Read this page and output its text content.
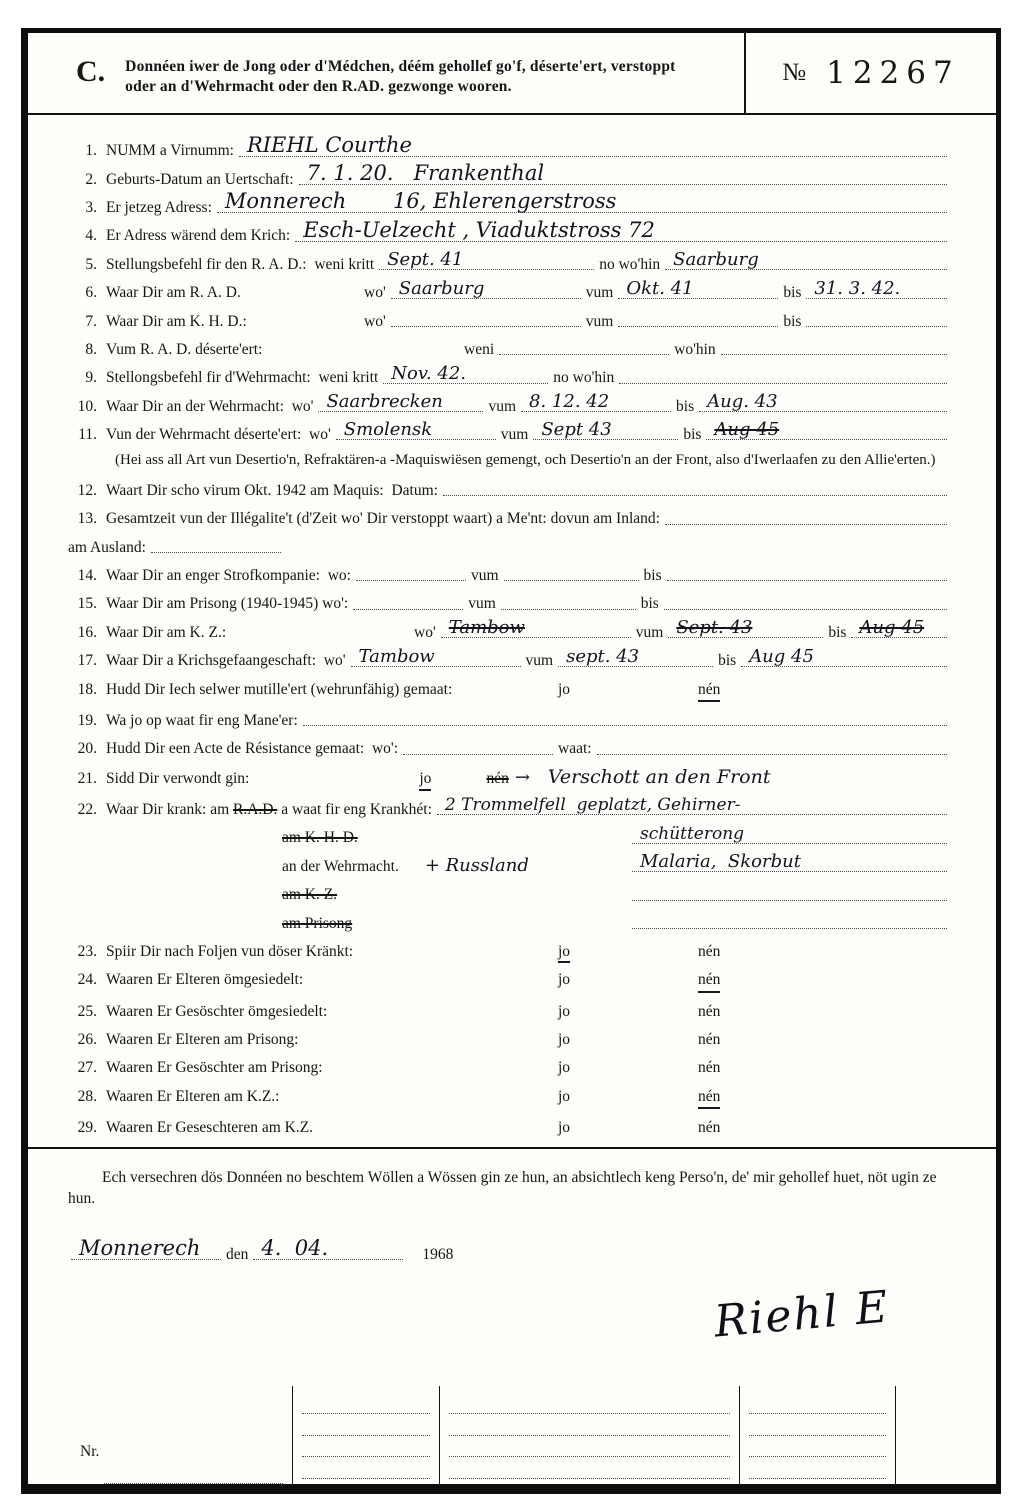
C. Donnéen iwer de Jong oder d'Médchen, déém gehollef go'f, déserte'ert, verstoppt oder an d'Wehrmacht oder den R.AD. gezwonge wooren.
№ 12267
1. NUMM a Virnumm: RIEHL Courthe
2. Geburts-Datum an Uertschaft: 7. 1. 20.   Frankenthal
3. Er jetzeg Adress: Monnerech       16, Ehlerengerstross
4. Er Adress wärend dem Krich: Esch-Uelzecht , Viaduktstross 72
5. Stellungsbefehl fir den R. A. D.:  weni kritt Sept. 41	no wo'hin Saarburg
6. Waar Dir am R. A. D.	wo' Saarburg	vum Okt. 41	bis 31. 3. 42.
7. Waar Dir am K. H. D.:	wo'	vum	bis
8. Vum R. A. D. déserte'ert:	weni	wo'hin
9. Stellongsbefehl fir d'Wehrmacht:  weni kritt Nov. 42.	no wo'hin
10. Waar Dir an der Wehrmacht:  wo' Saarbrecken	vum 8. 12. 42	bis Aug. 43
11. Vun der Wehrmacht déserte'ert:  wo' Smolensk	vum Sept 43	bis Aug 45
(Hei ass all Art vun Desertio'n, Refraktären-a -Maquiswiësen gemengt, och Desertio'n an der Front, also d'Iwerlaafen zu den Allie'erten.)
12. Waart Dir scho virum Okt. 1942 am Maquis:  Datum:
13. Gesamtzeit vun der Illégalite't (d'Zeit wo' Dir verstoppt waart) a Me'nt: dovun am Inland:
am Ausland:
14. Waar Dir an enger Strofkompanie:  wo:	vum	bis
15. Waar Dir am Prisong (1940-1945) wo':	vum	bis
16. Waar Dir am K. Z.:	wo' Tambow	vum Sept. 43	bis Aug 45
17. Waar Dir a Krichsgefaangeschaft:  wo' Tambow	vum sept. 43	bis Aug 45
18. Hudd Dir Iech selwer mutille'ert (wehrunfähig) gemaat:	jo	nén
19. Wa jo op waat fir eng Mane'er:
20. Hudd Dir een Acte de Résistance gemaat:  wo':	waat:
21. Sidd Dir verwondt gin:	jo	nén → Verschott an den Front
22. Waar Dir krank: am R.A.D. a waat fir eng Krankhét: 2 Trommelfell  geplatzt, Gehirner-
am K. H. D.	schütterong
an der Wehrmacht. + Russland	Malaria,  Skorbut
am K. Z.
am Prisong
23. Spiir Dir nach Foljen vun döser Kränkt:	jo	nén
24. Waaren Er Elteren ömgesiedelt:	jo	nén
25. Waaren Er Gesöschter ömgesiedelt:	jo	nén
26. Waaren Er Elteren am Prisong:	jo	nén
27. Waaren Er Gesöschter am Prisong:	jo	nén
28. Waaren Er Elteren am K.Z.:	jo	nén
29. Waaren Er Geseschteren am K.Z.	jo	nén
Ech versechren dös Donnéen no beschtem Wöllen a Wössen gin ze hun, an absichtlech keng Perso'n, de' mir gehollef huet, nöt ugin ze hun.
Monnerech den 4.  04.	1968
Riehl E
Nr.
